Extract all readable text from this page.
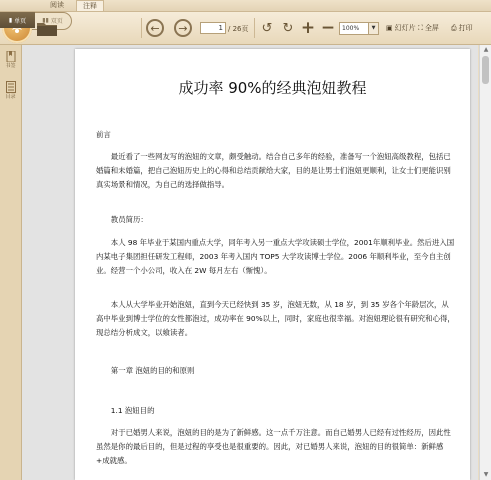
阅读	注释
▮ 单页	▮▮ 双页
← →
1	/ 26页 ↺ ↻ + − 100%	▼	▣ 幻灯片 ⛶ 全屏 ⎙ 打印
书签
目录	成功率 90%的经典泡妞教程
前言
最近看了一些网友写的泡妞的文章，颇受触动。结合自己多年的经验，准备写一个泡妞高级教程，包括已婚篇和未婚篇，把自己泡妞历史上的心得和总结贡献给大家，目的是让男士们泡妞更顺利，让女士们更能识别真实场景和情况，为自己的选择做指导。
教员简历：
本人 98 年毕业于某国内重点大学，同年考入另一重点大学攻读硕士学位，2001年顺利毕业。然后进入国内某电子集团担任研发工程师，2003 年考入国内 TOP5 大学攻读博士学位。2006 年顺利毕业，至今自主创业。经营一个小公司，收入在 2W 每月左右（惭愧）。
本人从大学毕业开始泡妞，直到今天已经快到 35 岁，泡妞无数，从 18 岁，到 35 岁各个年龄层次，从高中毕业到博士学位的女性都泡过，成功率在 90%以上，同时，家庭也很幸福。对泡妞理论很有研究和心得，现总结分析成文，以飨读者。
第一章 泡妞的目的和原则
1.1 泡妞目的
对于已婚男人来说，泡妞的目的是为了新鲜感。这一点千万注意。而自己婚男人已经有过性经历，因此性虽然是你的最后目的，但是过程的享受也是很重要的。因此，对已婚男人来说，泡妞的目的很简单：新鲜感+成就感。
▲
▼
